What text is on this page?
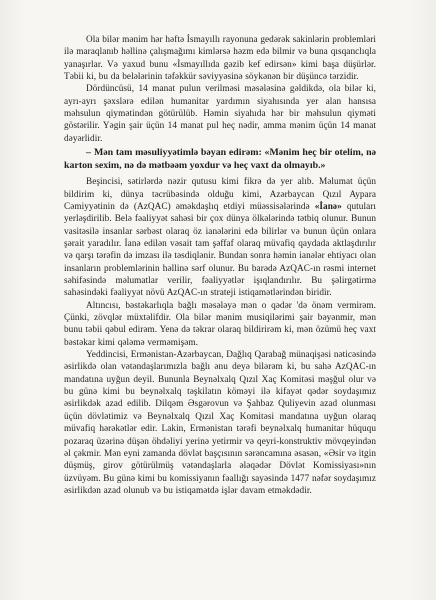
Ola bilər mənim hər həftə İsmayıllı rayonuna gedərək sakinlərin problemləri ilə maraqlanıb həllinə çalışmağımı kimlərsə həzm edə bilmir və buna qısqanclıqla yanaşırlar. Və yaxud bunu «İsmayıllıda gəzib kef edirsən» kimi başa düşürlər. Təbii ki, bu da belələrinin təfəkkür səviyyəsinə söykənən bir düşüncə tərzidir.

Dördüncüsü, 14 manat pulun verilməsi məsələsinə gəldikdə, ola bilər ki, ayrı-ayrı şəxslərə edilən humanitar yardımın siyahısında yer alan hansısa məhsulun qiymətindən götürülüb. Həmin siyahıda hər bir məhsulun qiyməti göstərilir. Yəgin şair üçün 14 manat pul heç nədir, amma mənim üçün 14 manat dəyərlidir.

– Mən tam məsuliyyətimlə bəyan edirəm: «Mənim heç bir otelim, nə karton sexim, nə də mətbəəm yoxdur və heç vaxt da olmayıb.»

Beşincisi, sətirlərdə nəzir qutusu kimi fikrə də yer alıb. Məlumat üçün bildirim ki, dünya təcrübəsində olduğu kimi, Azərbaycan Qızıl Aypara Cəmiyyətinin də (AzQAC) əməkdaşlıq etdiyi müəssisələrində «İanə» qutuları yerləşdirilib. Belə fəaliyyət sahəsi bir çox dünya ölkələrində tətbiq olunur. Bunun vasitəsilə insanlar sərbəst olaraq öz ianələrini edə bilirlər və bunun üçün onlara şərait yaradılır. İanə edilən vəsait tam şəffaf olaraq müvafiq qaydada aktlaşdırılır və qarşı tərəfin də imzası ilə təsdiqlənir. Bundan sonra həmin ianələr ehtiyacı olan insanların problemlərinin həllinə sərf olunur. Bu barədə AzQAC-ın rəsmi internet səhifəsində məlumatlar verilir, fəaliyyətlər işıqlandırılır. Bu şəlirgətirmə sahəsindəki fəaliyyət növü AzQAC-ın strateji istiqamətlərindən biridir.

Altıncısı, bəstəkarlıqla bağlı məsələyə mən o qədər 'də önəm vermirəm. Çünki, zövqlər müxtəlifdir. Ola bilər mənim musiqilərimi şair bəyənmir, mən bunu təbii qəbul edirəm. Yenə də təkrar olaraq bildirirəm ki, mən özümü heç vaxt bəstəkar kimi qələmə verməmişəm.

Yeddincisi, Ermənistan-Azərbaycan, Dağlıq Qarabağ münaqişəsi nəticəsində əsirlikdə olan vətəndaşlarımızla bağlı ənu deyə bilərəm ki, bu sahə AzQAC-ın mandatına uyğun deyil. Bununla Beynəlxalq Qızıl Xaç Komitəsi məşğul olur və bu günə kimi bu beynəlxalq təşkilatın köməyi ilə kifayət qədər soydaşımız əsirlikdək azad edilib. Dilqəm Əsgərovun və Şahbaz Quliyevin azad olunması üçün dövlətimiz və Beynəlxalq Qızıl Xaç Komitəsi mandatına uyğun olaraq müvafiq hərəkətlər edir. Lakin, Ermənistan tərəfi beynəlxalq humanitar hüququ pozaraq üzərinə düşən öhdəliyi yerinə yetirmir və qeyri-konstruktiv mövqeyindən əl çəkmir. Mən eyni zamanda dövlət başçısının sərəncamına əsasən, «Əsir və itgin düşmüş, girov götürülmüş vətəndaşlarla ələqədər Dövlət Komissiyası»nın üzvüyəm. Bu günə kimi bu komissiyanın fəallığı sayəsində 1477 nəfər soydaşımız əsirlikdən azad olunub və bu istiqamətdə işlər davam etməkdədir.
